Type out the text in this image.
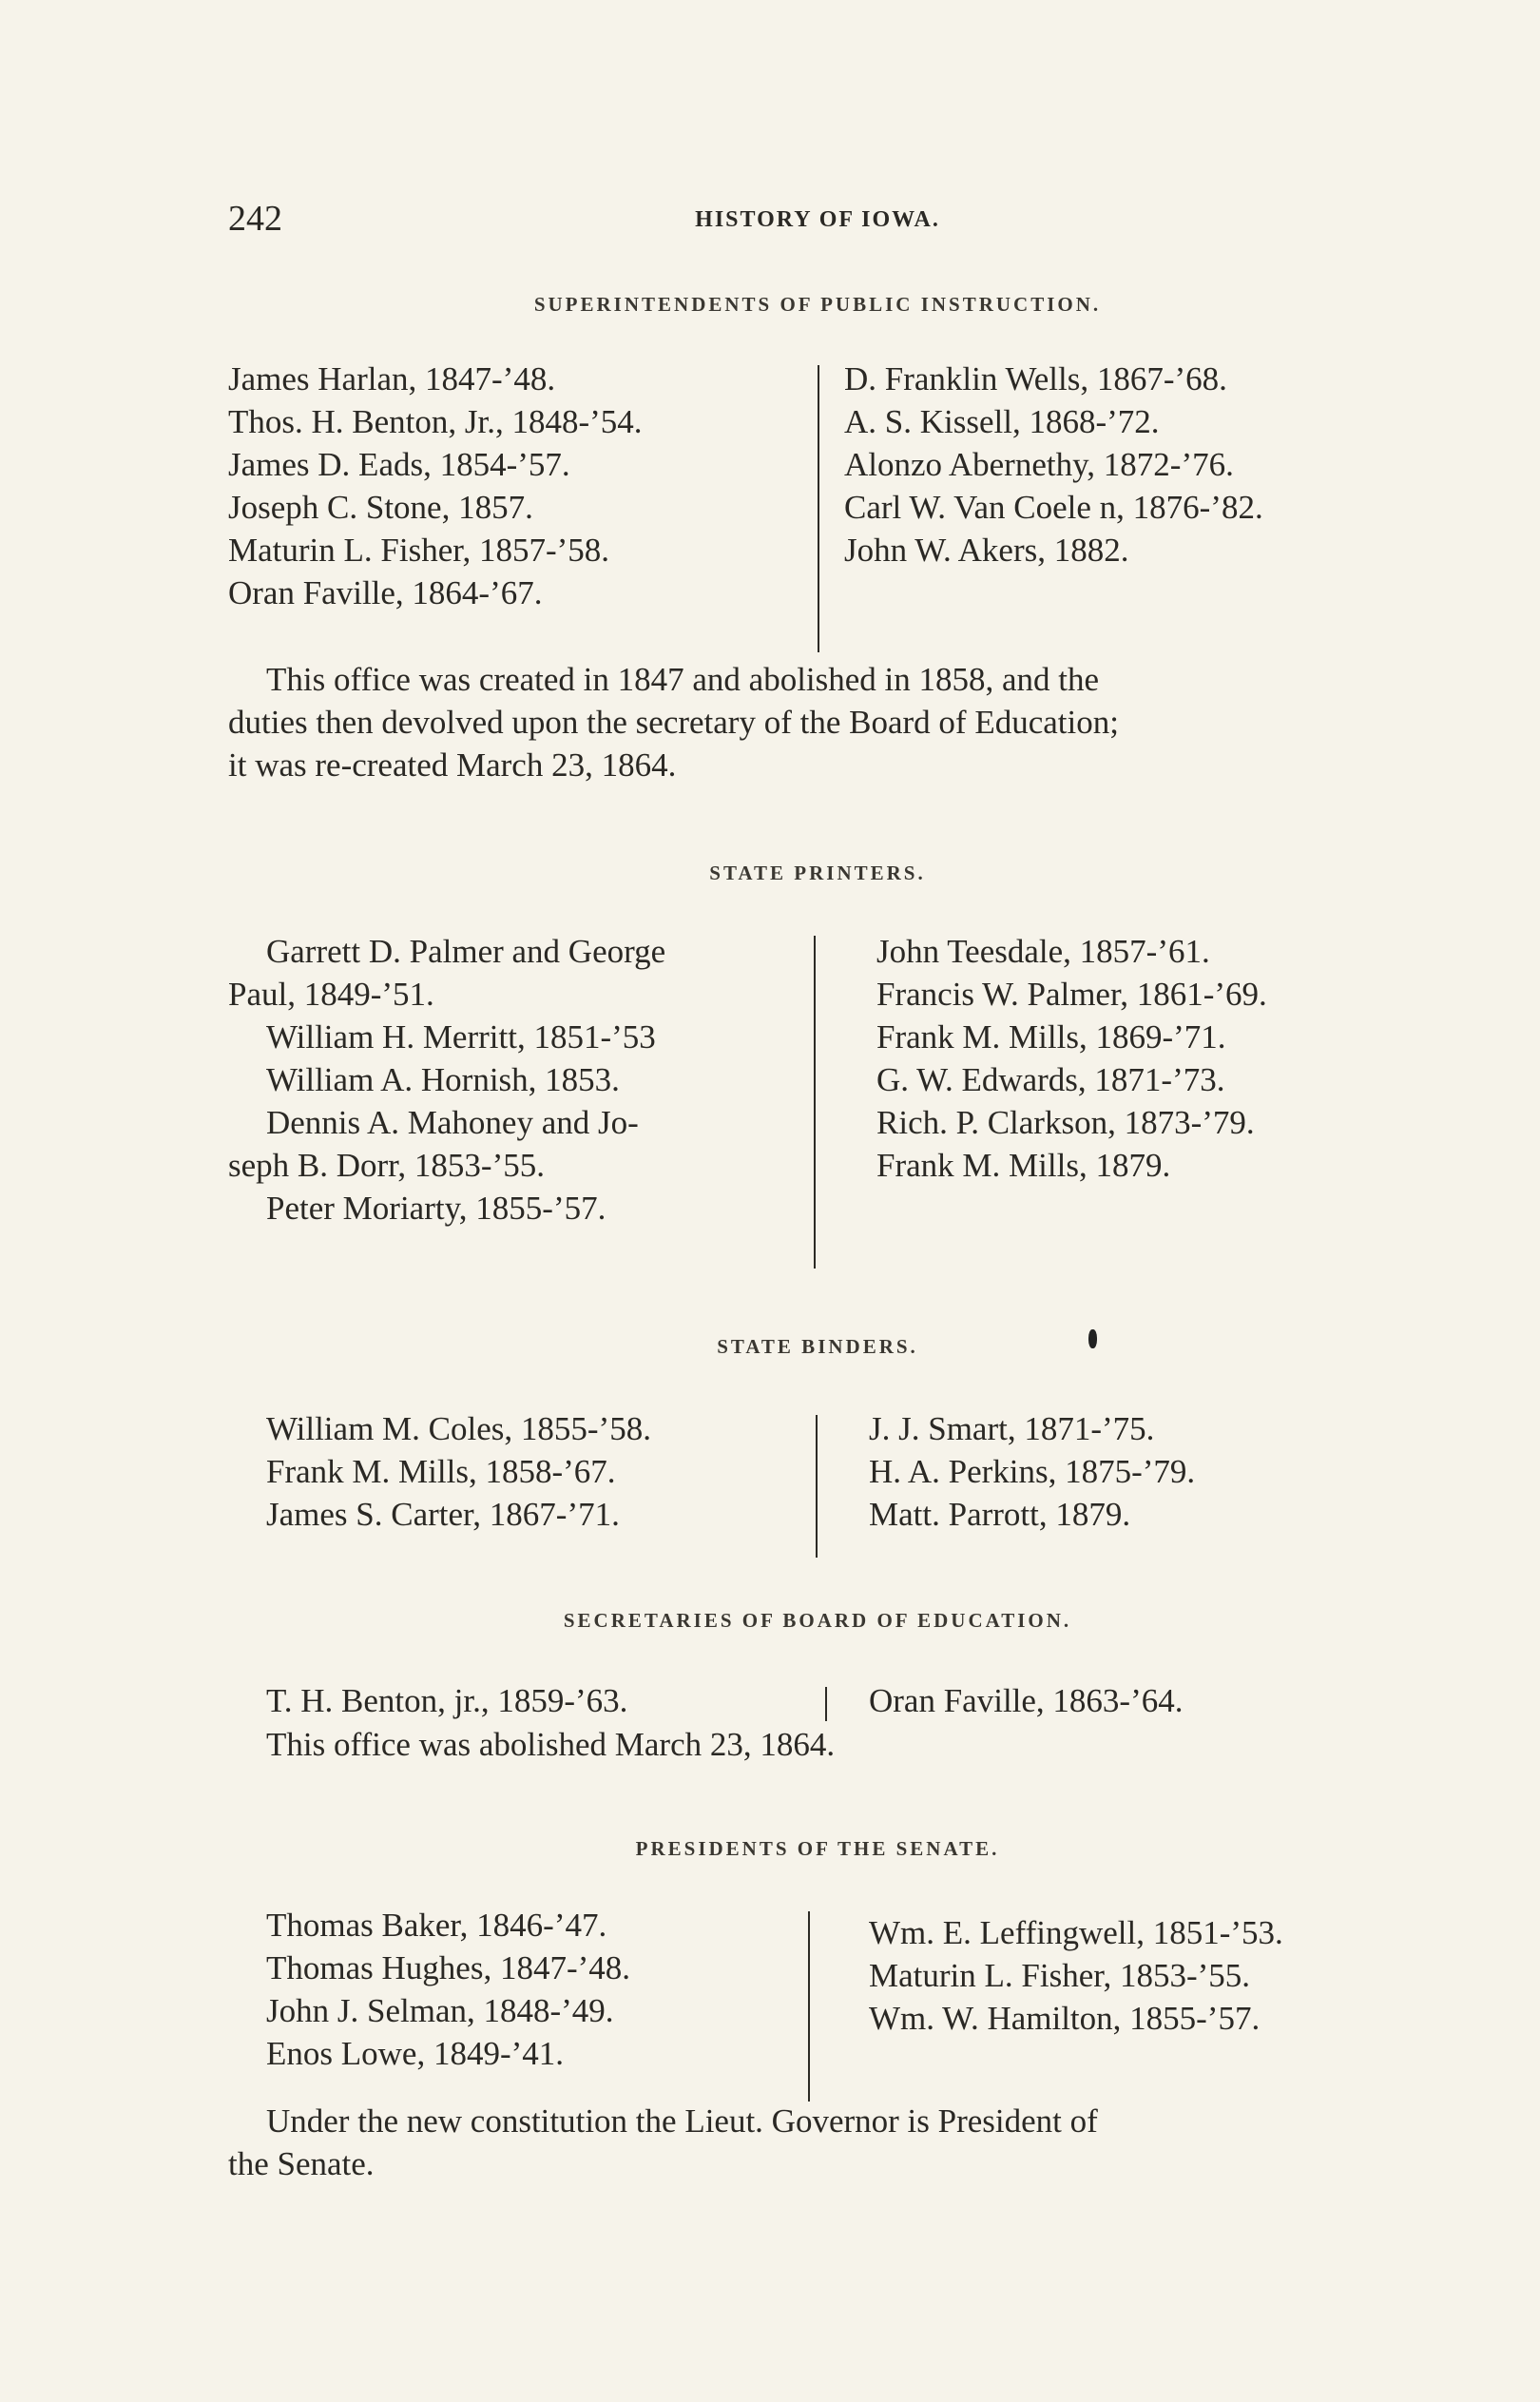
242	HISTORY OF IOWA.
SUPERINTENDENTS OF PUBLIC INSTRUCTION.
James Harlan, 1847-’48.
Thos. H. Benton, Jr., 1848-’54.
James D. Eads, 1854-’57.
Joseph C. Stone, 1857.
Maturin L. Fisher, 1857-’58.
Oran Faville, 1864-’67.
D. Franklin Wells, 1867-’68.
A. S. Kissell, 1868-’72.
Alonzo Abernethy, 1872-’76.
Carl W. Van Coele n, 1876-’82.
John W. Akers, 1882.
This office was created in 1847 and abolished in 1858, and the
duties then devolved upon the secretary of the Board of Education;
it was re-created March 23, 1864.
STATE PRINTERS.
Garrett D. Palmer and George
Paul, 1849-’51.
William H. Merritt, 1851-’53
William A. Hornish, 1853.
Dennis A. Mahoney and Jo-
seph B. Dorr, 1853-’55.
Peter Moriarty, 1855-’57.
John Teesdale, 1857-’61.
Francis W. Palmer, 1861-’69.
Frank M. Mills, 1869-’71.
G. W. Edwards, 1871-’73.
Rich. P. Clarkson, 1873-’79.
Frank M. Mills, 1879.
STATE BINDERS.
William M. Coles, 1855-’58.
Frank M. Mills, 1858-’67.
James S. Carter, 1867-’71.
J. J. Smart, 1871-’75.
H. A. Perkins, 1875-’79.
Matt. Parrott, 1879.
SECRETARIES OF BOARD OF EDUCATION.
T. H. Benton, jr., 1859-’63.	Oran Faville, 1863-’64.
This office was abolished March 23, 1864.
PRESIDENTS OF THE SENATE.
Thomas Baker, 1846-’47.
Thomas Hughes, 1847-’48.
John J. Selman, 1848-’49.
Enos Lowe, 1849-’41.
Wm. E. Leffingwell, 1851-’53.
Maturin L. Fisher, 1853-’55.
Wm. W. Hamilton, 1855-’57.
Under the new constitution the Lieut. Governor is President of
the Senate.
